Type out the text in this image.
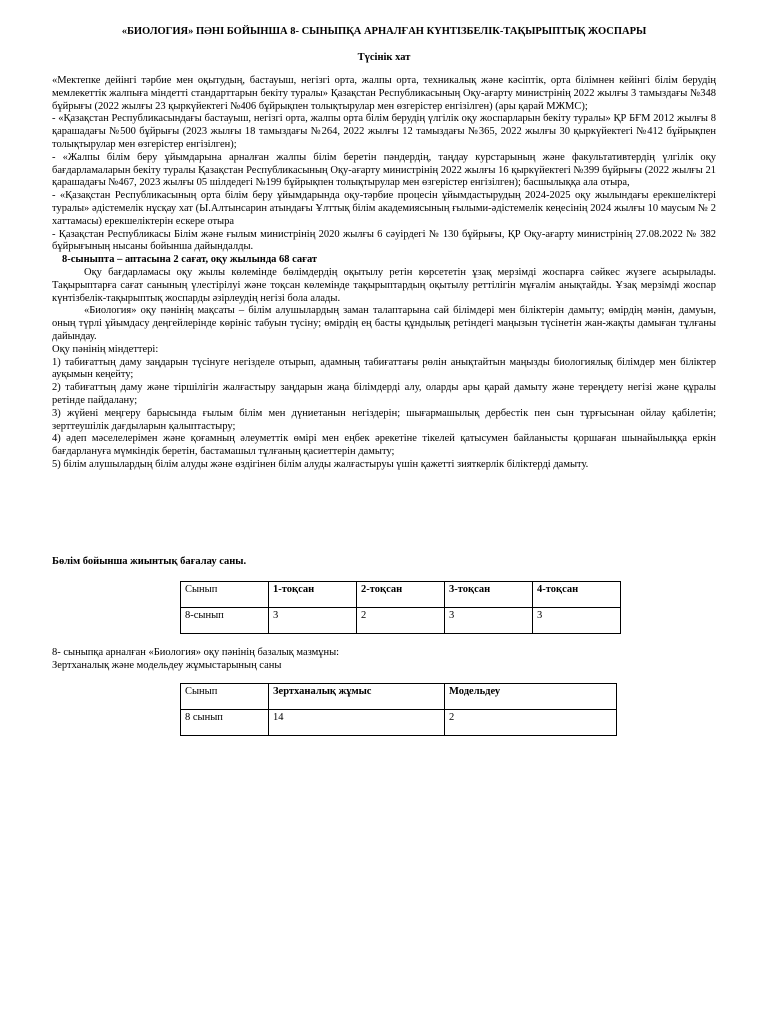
«БИОЛОГИЯ» ПӘНІ БОЙЫНША 8- СЫНЫПҚА АРНАЛҒАН КҮНТІЗБЕЛІК-ТАҚЫРЫПТЫҚ ЖОСПАРЫ
Түсінік хат

«Мектепке дейінгі тәрбие мен оқытудың, бастауыш, негізгі орта, жалпы орта, техникалық және кәсіптік, орта білімнен кейінгі білім берудің мемлекеттік жалпыға міндетті стандарттарын бекіту туралы» Қазақстан Республикасының Оқу-ағарту министрінің 2022 жылғы 3 тамыздағы №348 бұйрығы (2022 жылғы 23 қыркүйектегі №406 бұйрықпен толықтырулар мен өзгерістер енгізілген) (ары қарай МЖМС);

- «Қазақстан Республикасындағы бастауыш, негізгі орта, жалпы орта білім берудің үлгілік оқу жоспарларын бекіту туралы» ҚР БҒМ 2012 жылғы 8 қарашадағы №500 бұйрығы (2023 жылғы 18 тамыздағы №264, 2022 жылғы 12 тамыздағы №365, 2022 жылғы 30 қыркүйектегі №412 бұйрықпен толықтырулар мен өзгерістер енгізілген);

- «Жалпы білім беру ұйымдарына арналған жалпы білім беретін пәндердің, таңдау курстарының және факультативтердің үлгілік оқу бағдарламаларын бекіту туралы Қазақстан Республикасының Оқу-ағарту министрінің 2022 жылғы 16 қыркүйектегі №399 бұйрығы (2022 жылғы 21 қарашадағы №467, 2023 жылғы 05 шілдедегі №199 бұйрықпен толықтырулар мен өзгерістер енгізілген); басшылыққа ала отыра,

- «Қазақстан Республикасының орта білім беру ұйымдарында оқу-тәрбие процесін ұйымдастырудың 2024-2025 оқу жылындағы ерекшеліктері туралы» әдістемелік нұсқау хат (Ы.Алтынсарин атындағы Ұлттық білім академиясының ғылыми-әдістемелік кеңесінің 2024 жылғы 10 маусым № 2 хаттамасы) ерекшеліктерін ескере отыра

- Қазақстан Республикасы Білім және ғылым министрінің 2020 жылғы 6 сәуірдегі № 130 бұйрығы, ҚР Оқу-ағарту министрінің 27.08.2022 № 382 бұйрығының нысаны бойынша дайындалды.

8-сыныпта – аптасына 2 сағат, оқу жылында 68 сағат

Оқу бағдарламасы оқу жылы көлемінде бөлімдердің оқытылу ретін көрсететін ұзақ мерзімді жоспарға сәйкес жүзеге асырылады. Тақырыптарға сағат санының үлестірілуі және тоқсан көлемінде тақырыптардың оқытылу реттілігін мұғалім анықтайды. Ұзақ мерзімді жоспар күнтізбелік-тақырыптық жоспарды әзірлеудің негізі бола алады.

«Биология» оқу пәнінің мақсаты – білім алушылардың заман талаптарына сай білімдері мен біліктерін дамыту; өмірдің мәнін, дамуын, оның түрлі ұйымдасу деңгейлерінде көрініс табуын түсіну; өмірдің ең басты құндылық ретіндегі маңызын түсінетін жан-жақты дамыған тұлғаны дайындау.

Оқу пәнінің міндеттері:

1) табиғаттың даму заңдарын түсінуге негізделе отырып, адамның табиғаттағы рөлін анықтайтын маңызды биологиялық білімдер мен біліктер ауқымын кеңейту;

2) табиғаттың даму және тіршілігін жалғастыру заңдарын жаңа білімдерді алу, оларды ары қарай дамыту және тереңдету негізі және құралы ретінде пайдалану;

3) жүйені меңгеру барысында ғылым білім мен дүниетанын негіздерін; шығармашылық дербестік пен сын тұрғысынан ойлау қабілетін; зерттеушілік дағдыларын қалыптастыру;

4) әдеп мәселелерімен және қоғамның әлеуметтік өмірі мен еңбек әрекетіне тікелей қатысумен байланысты қоршаған шынайылыққа еркін бағдарлануға мүмкіндік беретін, бастамашыл тұлғаның қасиеттерін дамыту;

5) білім алушылардың білім алуды және өздігінен білім алуды жалғастыруы үшін қажетті зияткерлік біліктерді дамыту.

Бөлім бойынша жиынтық бағалау саны.
Сынып	1-тоқсан	2-тоқсан	3-тоқсан	4-тоқсан
8-сынып	3	2	3	3
8- сыныпқа арналған «Биология» оқу пәнінің базалық мазмұны:
Зертханалық және модельдеу жұмыстарының саны
Сынып	Зертханалық жұмыс	Модельдеу
8 сынып	14	2
